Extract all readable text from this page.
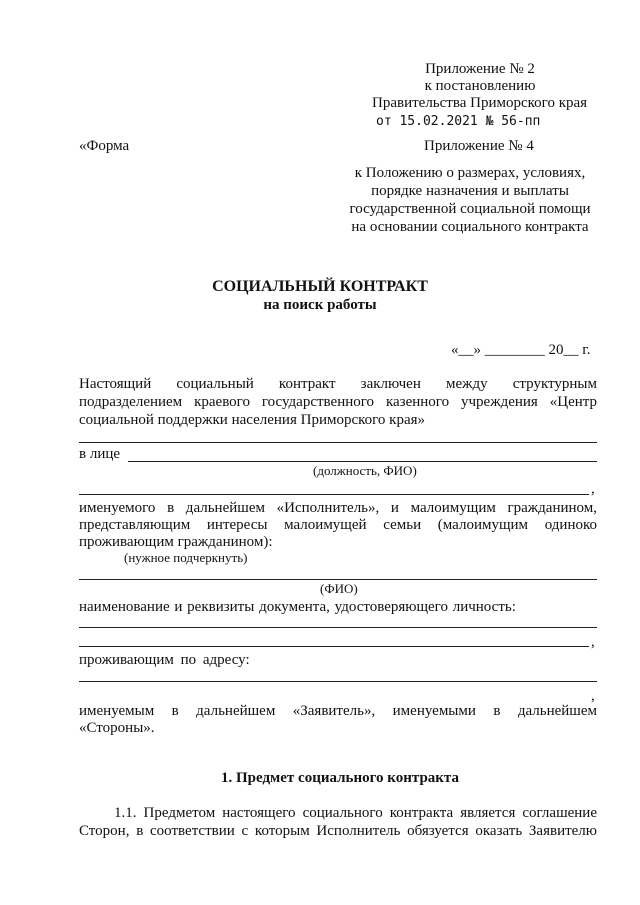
Приложение № 2
к постановлению
Правительства Приморского края
от 15.02.2021 № 56-пп
«Форма	Приложение № 4
к Положению о размерах, условиях,
порядке назначения и выплаты
государственной социальной помощи
на основании социального контракта
СОЦИАЛЬНЫЙ КОНТРАКТ
на поиск работы
«__» ________ 20__ г.
Настоящий социальный контракт заключен между структурным
подразделением краевого государственного казенного учреждения «Центр
социальной поддержки населения Приморского края»
в лице
(должность, ФИО)
,
именуемого в дальнейшем «Исполнитель», и малоимущим гражданином,
представляющим интересы малоимущей семьи (малоимущим одиноко
проживающим гражданином):
(нужное подчеркнуть)
(ФИО)
наименование и реквизиты документа, удостоверяющего личность:
,
проживающим по адресу:
,
именуемым в дальнейшем «Заявитель», именуемыми в дальнейшем
«Стороны».
1. Предмет социального контракта
1.1. Предметом настоящего социального контракта является соглашение
Сторон, в соответствии с которым Исполнитель обязуется оказать Заявителю
